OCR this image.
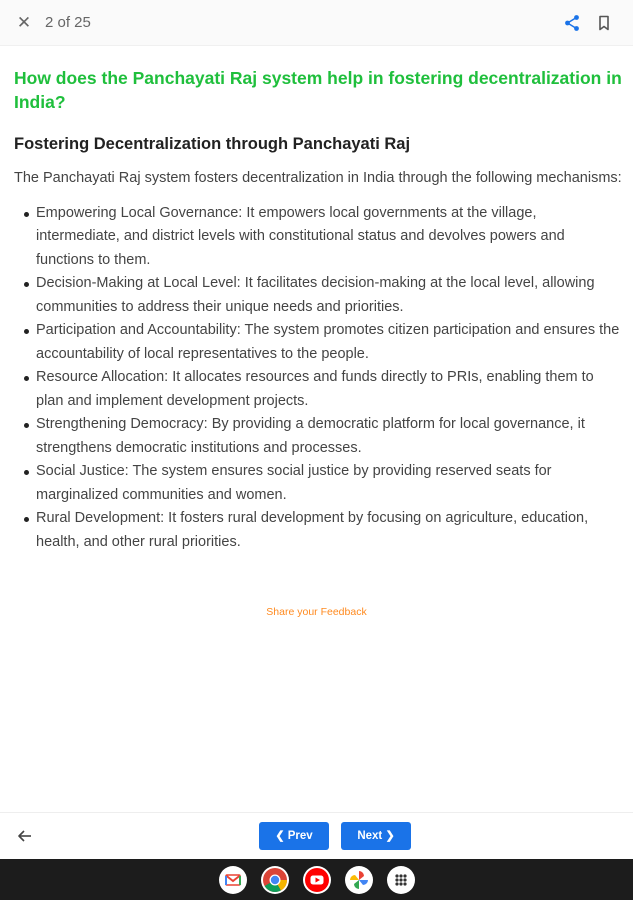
✕ 2 of 25
How does the Panchayati Raj system help in fostering decentralization in India?
Fostering Decentralization through Panchayati Raj

The Panchayati Raj system fosters decentralization in India through the following mechanisms:

Empowering Local Governance: It empowers local governments at the village, intermediate, and district levels with constitutional status and devolves powers and functions to them.
Decision-Making at Local Level: It facilitates decision-making at the local level, allowing communities to address their unique needs and priorities.
Participation and Accountability: The system promotes citizen participation and ensures the accountability of local representatives to the people.
Resource Allocation: It allocates resources and funds directly to PRIs, enabling them to plan and implement development projects.
Strengthening Democracy: By providing a democratic platform for local governance, it strengthens democratic institutions and processes.
Social Justice: The system ensures social justice by providing reserved seats for marginalized communities and women.
Rural Development: It fosters rural development by focusing on agriculture, education, health, and other rural priorities.
Share your Feedback
❮ Prev	Next ❯
